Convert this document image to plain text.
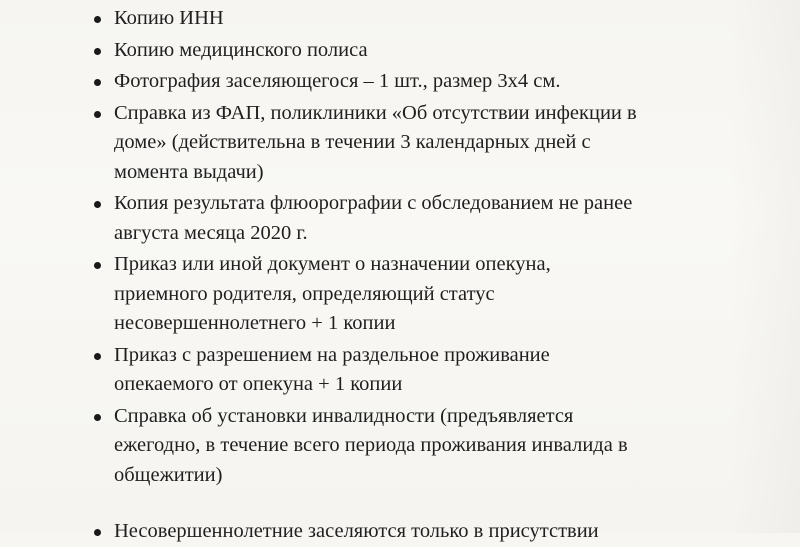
Копию ИНН
Копию медицинского полиса
Фотография заселяющегося – 1 шт., размер 3х4 см.
Справка из ФАП, поликлиники «Об отсутствии инфекции в
доме» (действительна в течении 3 календарных дней с
момента выдачи)
Копия результата флюорографии с обследованием не ранее
августа месяца 2020 г.
Приказ или иной документ о назначении опекуна,
приемного родителя, определяющий статус
несовершеннолетнего + 1 копии
Приказ с разрешением на раздельное проживание
опекаемого от опекуна + 1 копии
Справка об установки инвалидности (предъявляется
ежегодно, в течение всего периода проживания инвалида в
общежитии)
Несовершеннолетние заселяются только в присутствии
